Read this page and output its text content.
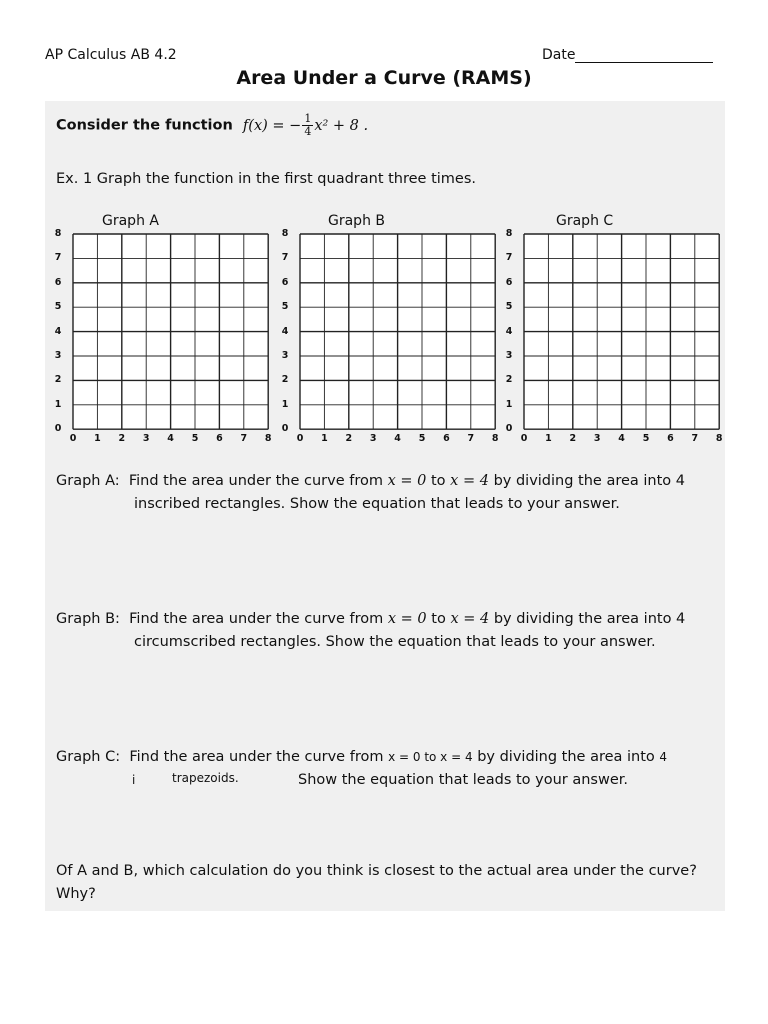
AP Calculus AB 4.2	Date
Area Under a Curve (RAMS)
Consider the function f(x) = − $\frac{1}{4} x^2 + 8$ .
Ex. 1 Graph the function in the first quadrant three times.
Graph A	Graph B	Graph C
8
7
6
5
4
3
2
1
0
0 1 2 3 4 5 6 7 8
8
7
6
5
4
3
2
1
0
0 1 2 3 4 5 6 7 8
8
7
6
5
4
3
2
1
0
0 1 2 3 4 5 6 7 8
Graph A: Find the area under the curve from x = 0 to x = 4 by dividing the area into 4
inscribed rectangles. Show the equation that leads to your answer.
Graph B: Find the area under the curve from x = 0 to x = 4 by dividing the area into 4
circumscribed rectangles. Show the equation that leads to your answer.
Graph C: Find the area under the curve from x = 0 to x = 4 by dividing the area into 4
i	trapezoids.	Show the equation that leads to your answer.
Of A and B, which calculation do you think is closest to the actual area under the curve?
Why?
